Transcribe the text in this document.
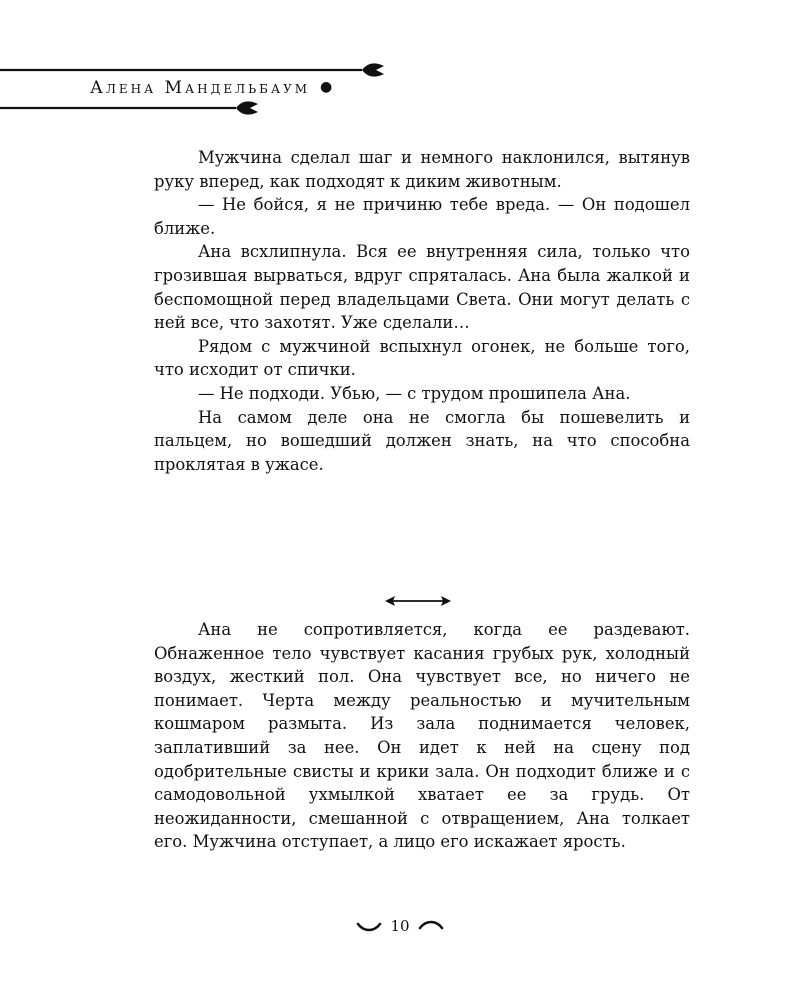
Алена Мандельбаум ●

Мужчина сделал шаг и немного наклонился, вытянув руку вперед, как подходят к диким животным.

— Не бойся, я не причиню тебе вреда. — Он подошел ближе.

Ана всхлипнула. Вся ее внутренняя сила, только что грозившая вырваться, вдруг спряталась. Ана была жалкой и беспомощной перед владельцами Света. Они могут делать с ней все, что захотят. Уже сделали…

Рядом с мужчиной вспыхнул огонек, не больше того, что исходит от спички.

— Не подходи. Убью, — с трудом прошипела Ана.

На самом деле она не смогла бы пошевелить и пальцем, но вошедший должен знать, на что способна проклятая в ужасе.

Ана не сопротивляется, когда ее раздевают. Обнаженное тело чувствует касания грубых рук, холодный воздух, жесткий пол. Она чувствует все, но ничего не понимает. Черта между реальностью и мучительным кошмаром размыта. Из зала поднимается человек, заплативший за нее. Он идет к ней на сцену под одобрительные свисты и крики зала. Он подходит ближе и с самодовольной ухмылкой хватает ее за грудь. От неожиданности, смешанной с отвращением, Ана толкает его. Мужчина отступает, а лицо его искажает ярость.

10
